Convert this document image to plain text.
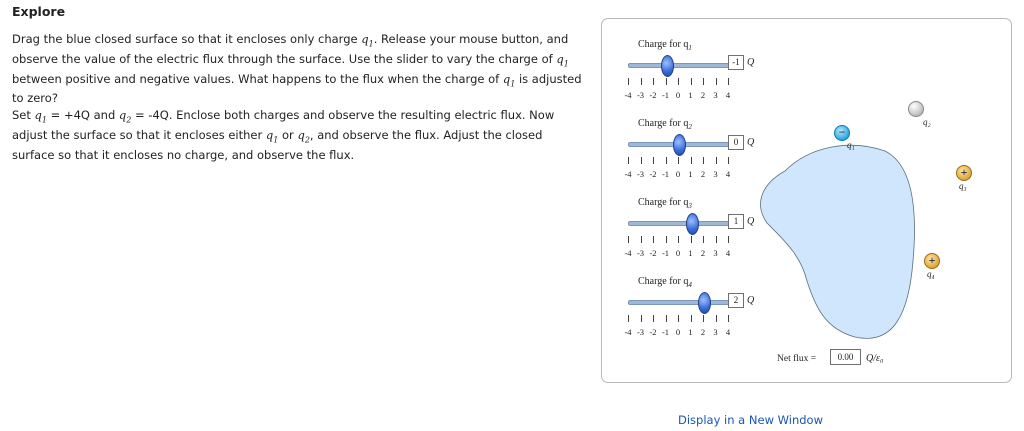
Explore
Drag the blue closed surface so that it encloses only charge $q_1$. Release your mouse button, and observe the value of the electric flux through the surface. Use the slider to vary the charge of $q_1$ between positive and negative values. What happens to the flux when the charge of $q_1$ is adjusted to zero?
Set $q_1 = +4Q$ and $q_2 = -4Q$. Enclose both charges and observe the resulting electric flux. Now adjust the surface so that it encloses either $q_1$ or $q_2$, and observe the flux. Adjust the closed surface so that it encloses no charge, and observe the flux.
Charge for $q_1$
-4 -3 -2 -1 0 1 2 3 4
-1 Q
Charge for $q_2$
-4 -3 -2 -1 0 1 2 3 4
0 Q
Charge for $q_3$
-4 -3 -2 -1 0 1 2 3 4
1 Q
Charge for $q_4$
-4 -3 -2 -1 0 1 2 3 4
2 Q
−
q₁
q₂
+
q₃
+
q₄
Net flux =	0.00	Q/ε₀
Display in a New Window
